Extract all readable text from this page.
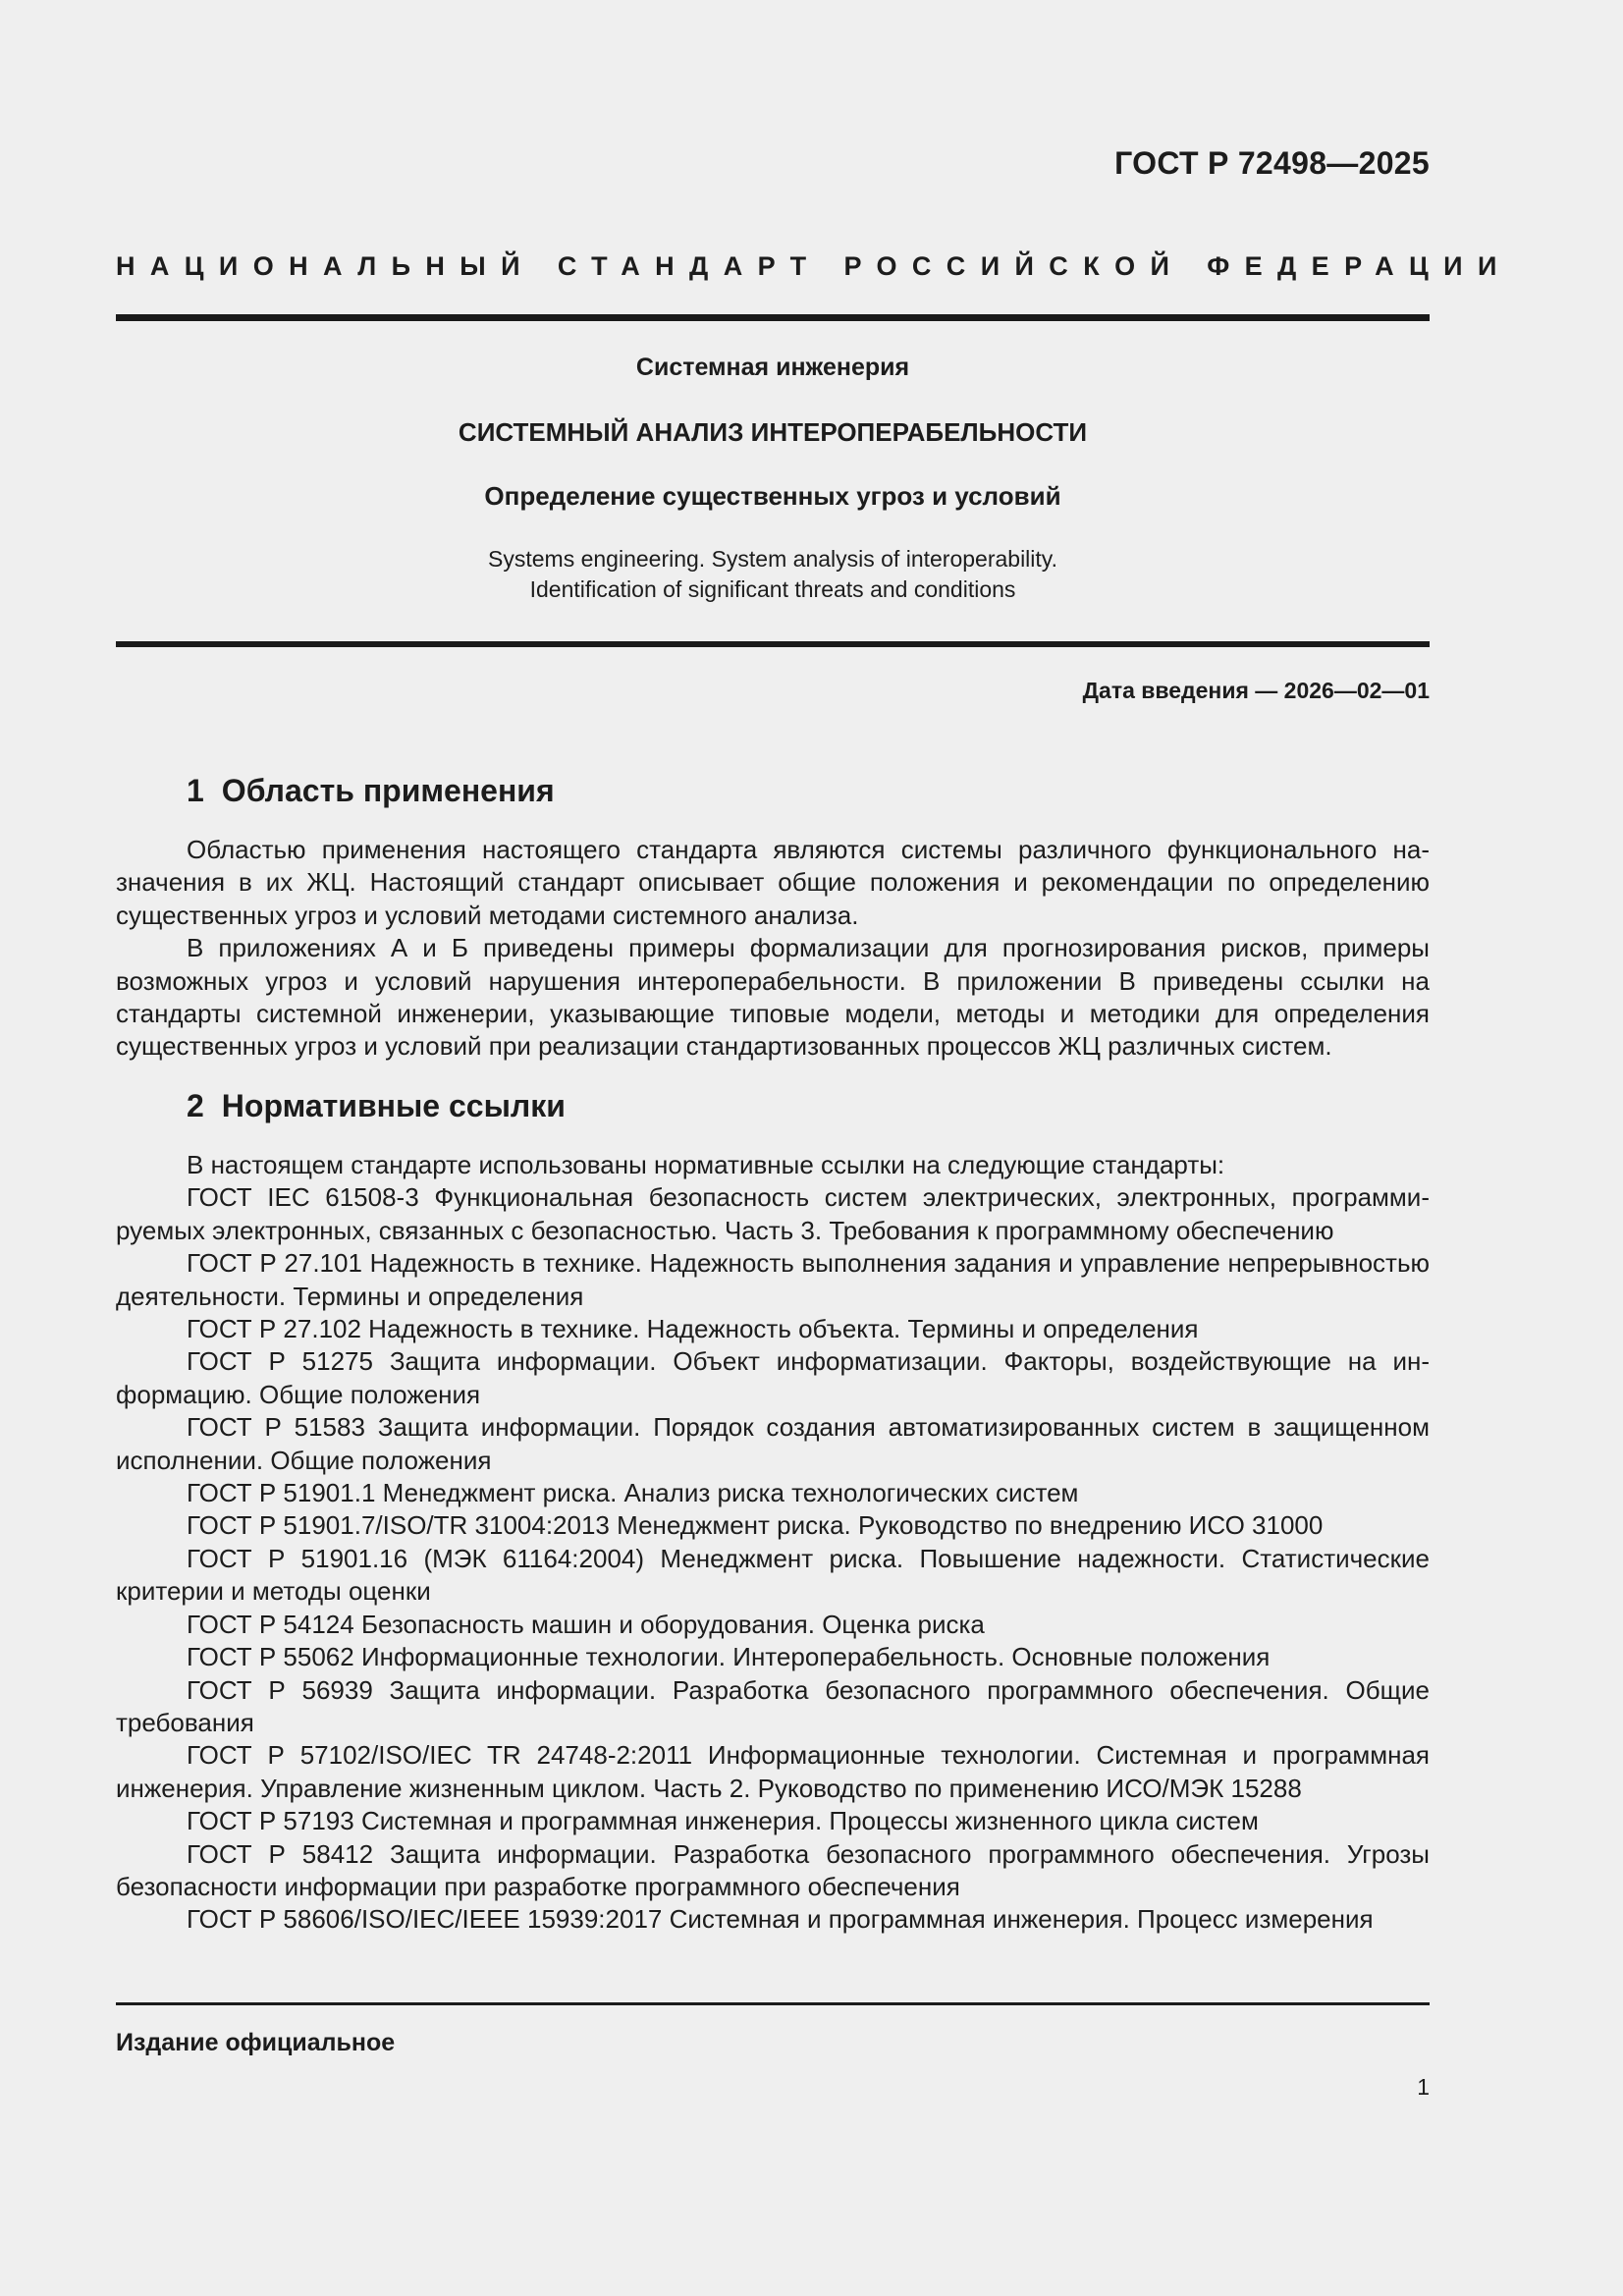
ГОСТ Р 72498—2025
НАЦИОНАЛЬНЫЙ СТАНДАРТ РОССИЙСКОЙ ФЕДЕРАЦИИ
Системная инженерия
СИСТЕМНЫЙ АНАЛИЗ ИНТЕРОПЕРАБЕЛЬНОСТИ
Определение существенных угроз и условий
Systems engineering. System analysis of interoperability.
Identification of significant threats and conditions
Дата введения — 2026—02—01
1 Область применения

Областью применения настоящего стандарта являются системы различного функционального назначения в их ЖЦ. Настоящий стандарт описывает общие положения и рекомендации по определению существенных угроз и условий методами системного анализа.

В приложениях А и Б приведены примеры формализации для прогнозирования рисков, примеры возможных угроз и условий нарушения интероперабельности. В приложении В приведены ссылки на стандарты системной инженерии, указывающие типовые модели, методы и методики для определения существенных угроз и условий при реализации стандартизованных процессов ЖЦ различных систем.

2 Нормативные ссылки

В настоящем стандарте использованы нормативные ссылки на следующие стандарты:

ГОСТ IEC 61508-3 Функциональная безопасность систем электрических, электронных, программируемых электронных, связанных с безопасностью. Часть 3. Требования к программному обеспечению

ГОСТ Р 27.101 Надежность в технике. Надежность выполнения задания и управление непрерывностью деятельности. Термины и определения

ГОСТ Р 27.102 Надежность в технике. Надежность объекта. Термины и определения

ГОСТ Р 51275 Защита информации. Объект информатизации. Факторы, воздействующие на информацию. Общие положения

ГОСТ Р 51583 Защита информации. Порядок создания автоматизированных систем в защищенном исполнении. Общие положения

ГОСТ Р 51901.1 Менеджмент риска. Анализ риска технологических систем

ГОСТ Р 51901.7/ISO/TR 31004:2013 Менеджмент риска. Руководство по внедрению ИСО 31000

ГОСТ Р 51901.16 (МЭК 61164:2004) Менеджмент риска. Повышение надежности. Статистические критерии и методы оценки

ГОСТ Р 54124 Безопасность машин и оборудования. Оценка риска

ГОСТ Р 55062 Информационные технологии. Интероперабельность. Основные положения

ГОСТ Р 56939 Защита информации. Разработка безопасного программного обеспечения. Общие требования

ГОСТ Р 57102/ISO/IEC TR 24748-2:2011 Информационные технологии. Системная и программная инженерия. Управление жизненным циклом. Часть 2. Руководство по применению ИСО/МЭК 15288

ГОСТ Р 57193 Системная и программная инженерия. Процессы жизненного цикла систем

ГОСТ Р 58412 Защита информации. Разработка безопасного программного обеспечения. Угрозы безопасности информации при разработке программного обеспечения

ГОСТ Р 58606/ISO/IEC/IEEE 15939:2017 Системная и программная инженерия. Процесс измерения

Издание официальное
1
